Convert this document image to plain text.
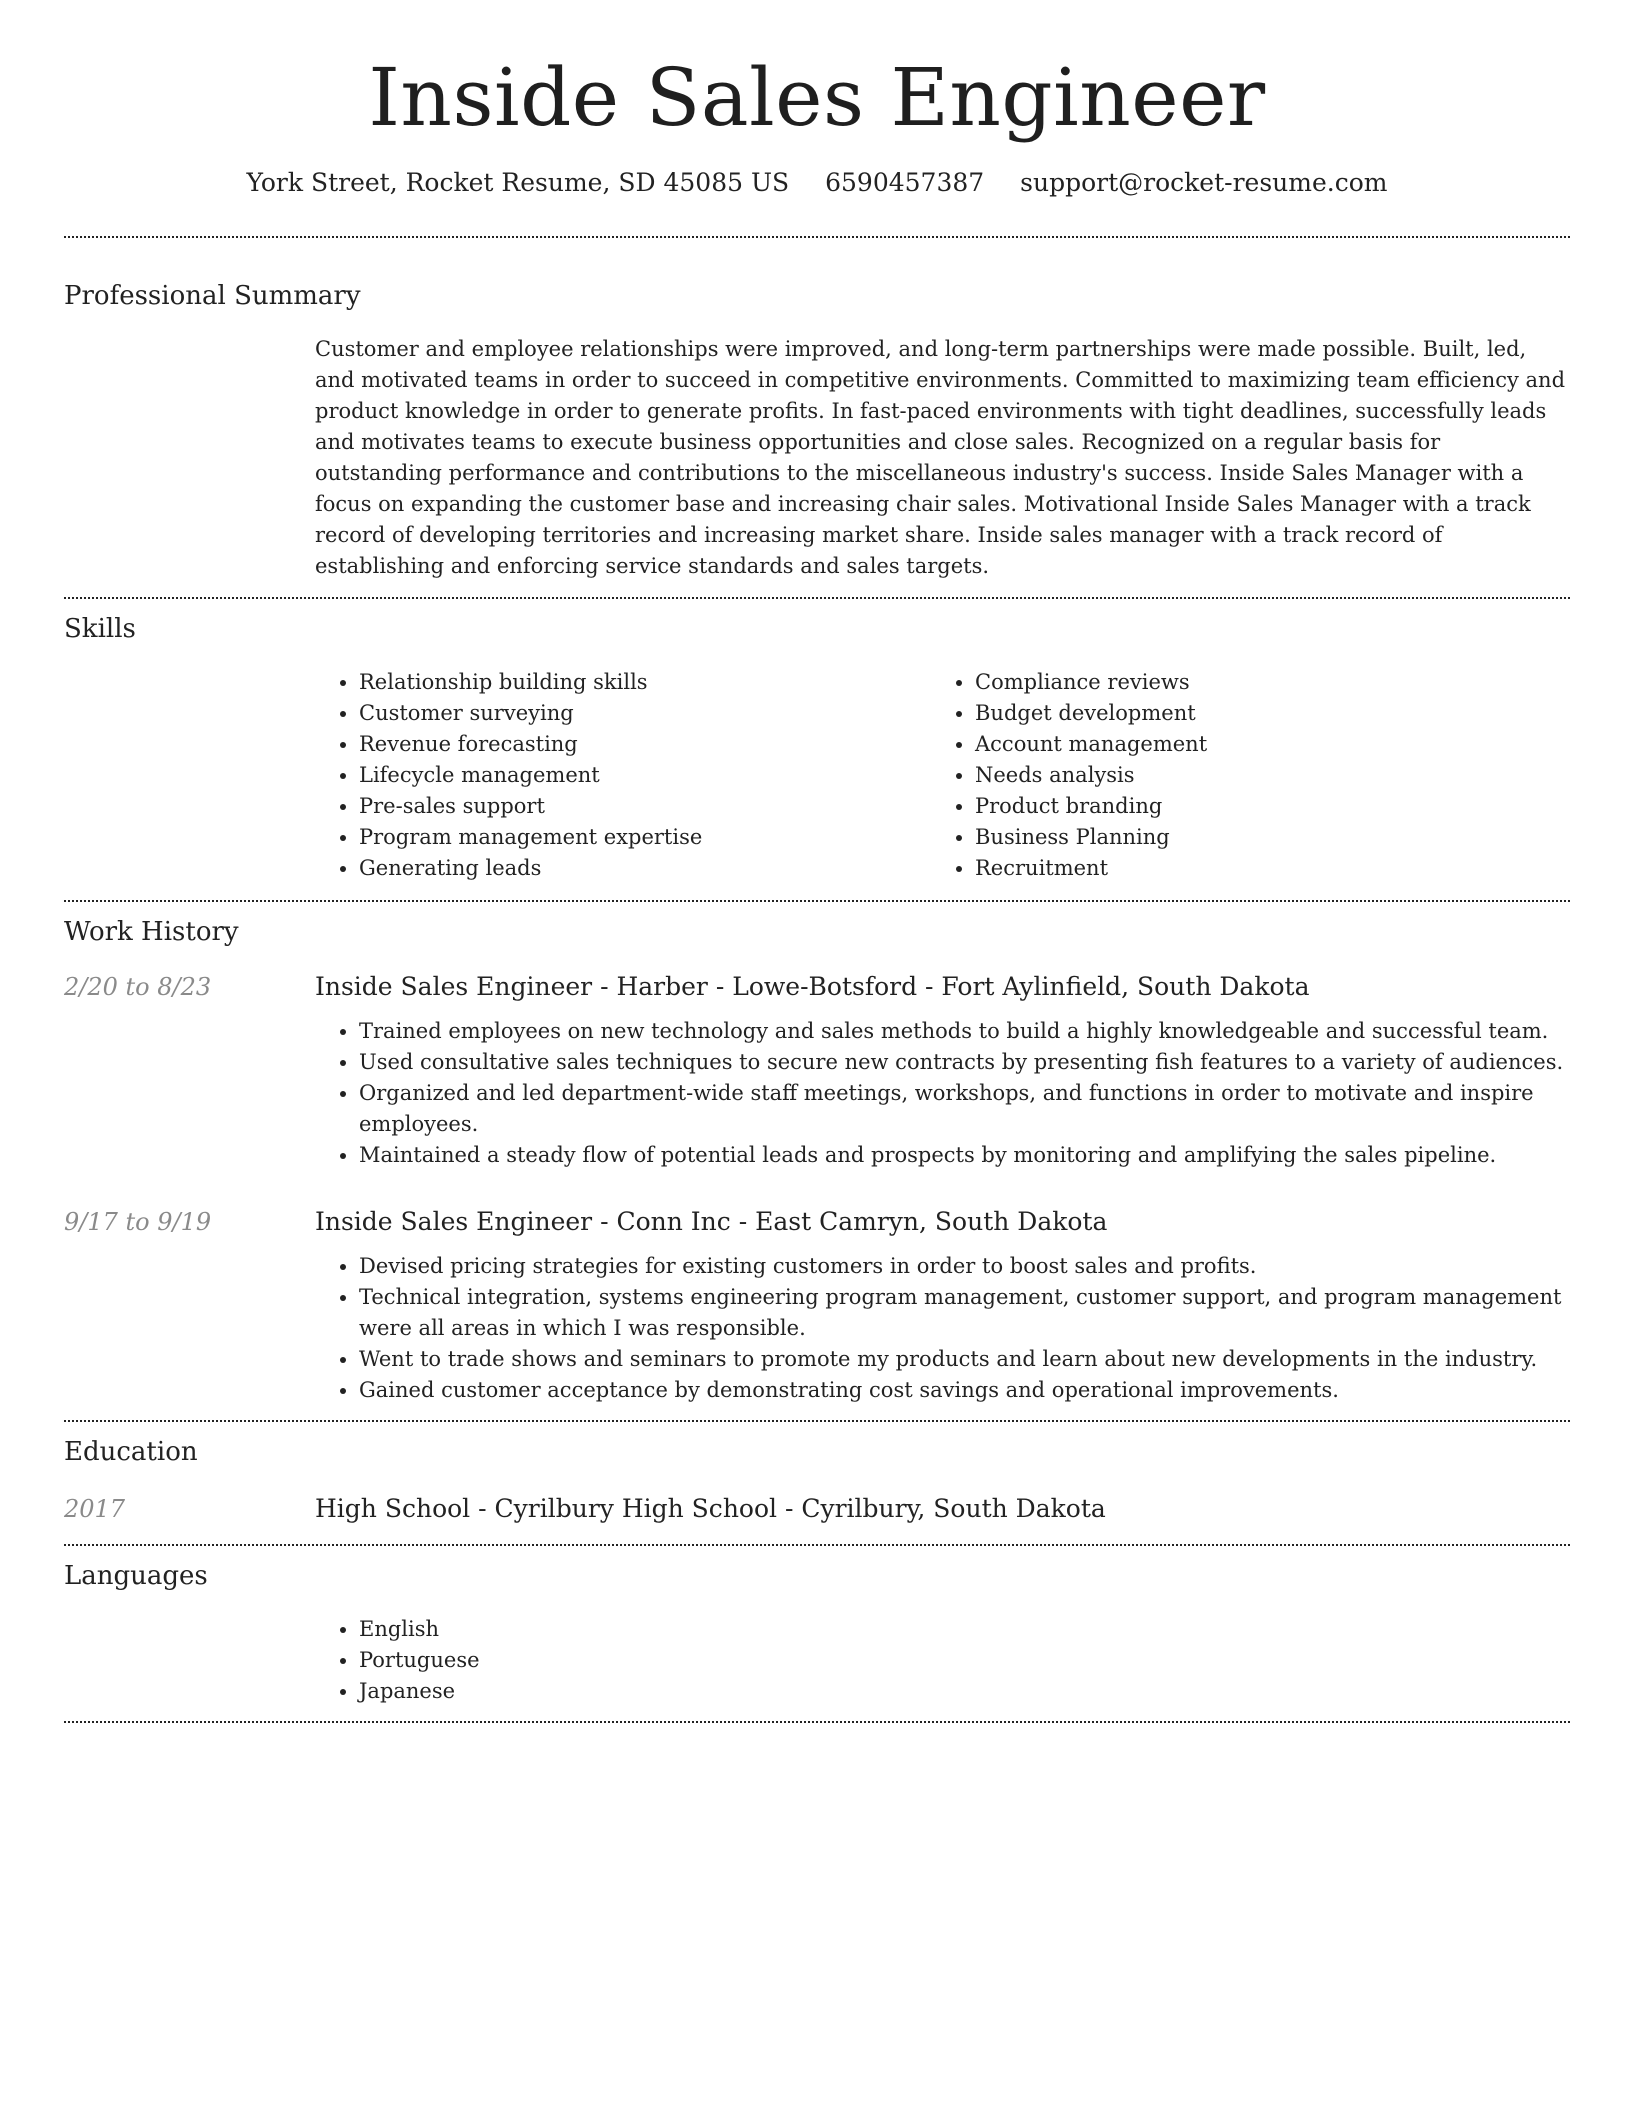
Inside Sales Engineer
York Street, Rocket Resume, SD 45085 US 6590457387 support@rocket-resume.com
Professional Summary

Customer and employee relationships were improved, and long-term partnerships were made possible. Built, led, and motivated teams in order to succeed in competitive environments. Committed to maximizing team efficiency and product knowledge in order to generate profits. In fast-paced environments with tight deadlines, successfully leads and motivates teams to execute business opportunities and close sales. Recognized on a regular basis for outstanding performance and contributions to the miscellaneous industry's success. Inside Sales Manager with a focus on expanding the customer base and increasing chair sales. Motivational Inside Sales Manager with a track record of developing territories and increasing market share. Inside sales manager with a track record of establishing and enforcing service standards and sales targets.

Skills
• Relationship building skills
• Customer surveying
• Revenue forecasting
• Lifecycle management
• Pre-sales support
• Program management expertise
• Generating leads
• Compliance reviews
• Budget development
• Account management
• Needs analysis
• Product branding
• Business Planning
• Recruitment
Work History
2/20 to 8/23	Inside Sales Engineer - Harber - Lowe-Botsford - Fort Aylinfield, South Dakota
• Trained employees on new technology and sales methods to build a highly knowledgeable and successful team.
• Used consultative sales techniques to secure new contracts by presenting fish features to a variety of audiences.
• Organized and led department-wide staff meetings, workshops, and functions in order to motivate and inspire employees.
• Maintained a steady flow of potential leads and prospects by monitoring and amplifying the sales pipeline.
9/17 to 9/19	Inside Sales Engineer - Conn Inc - East Camryn, South Dakota
• Devised pricing strategies for existing customers in order to boost sales and profits.
• Technical integration, systems engineering program management, customer support, and program management were all areas in which I was responsible.
• Went to trade shows and seminars to promote my products and learn about new developments in the industry.
• Gained customer acceptance by demonstrating cost savings and operational improvements.
Education
2017	High School - Cyrilbury High School - Cyrilbury, South Dakota
Languages
• English
• Portuguese
• Japanese
